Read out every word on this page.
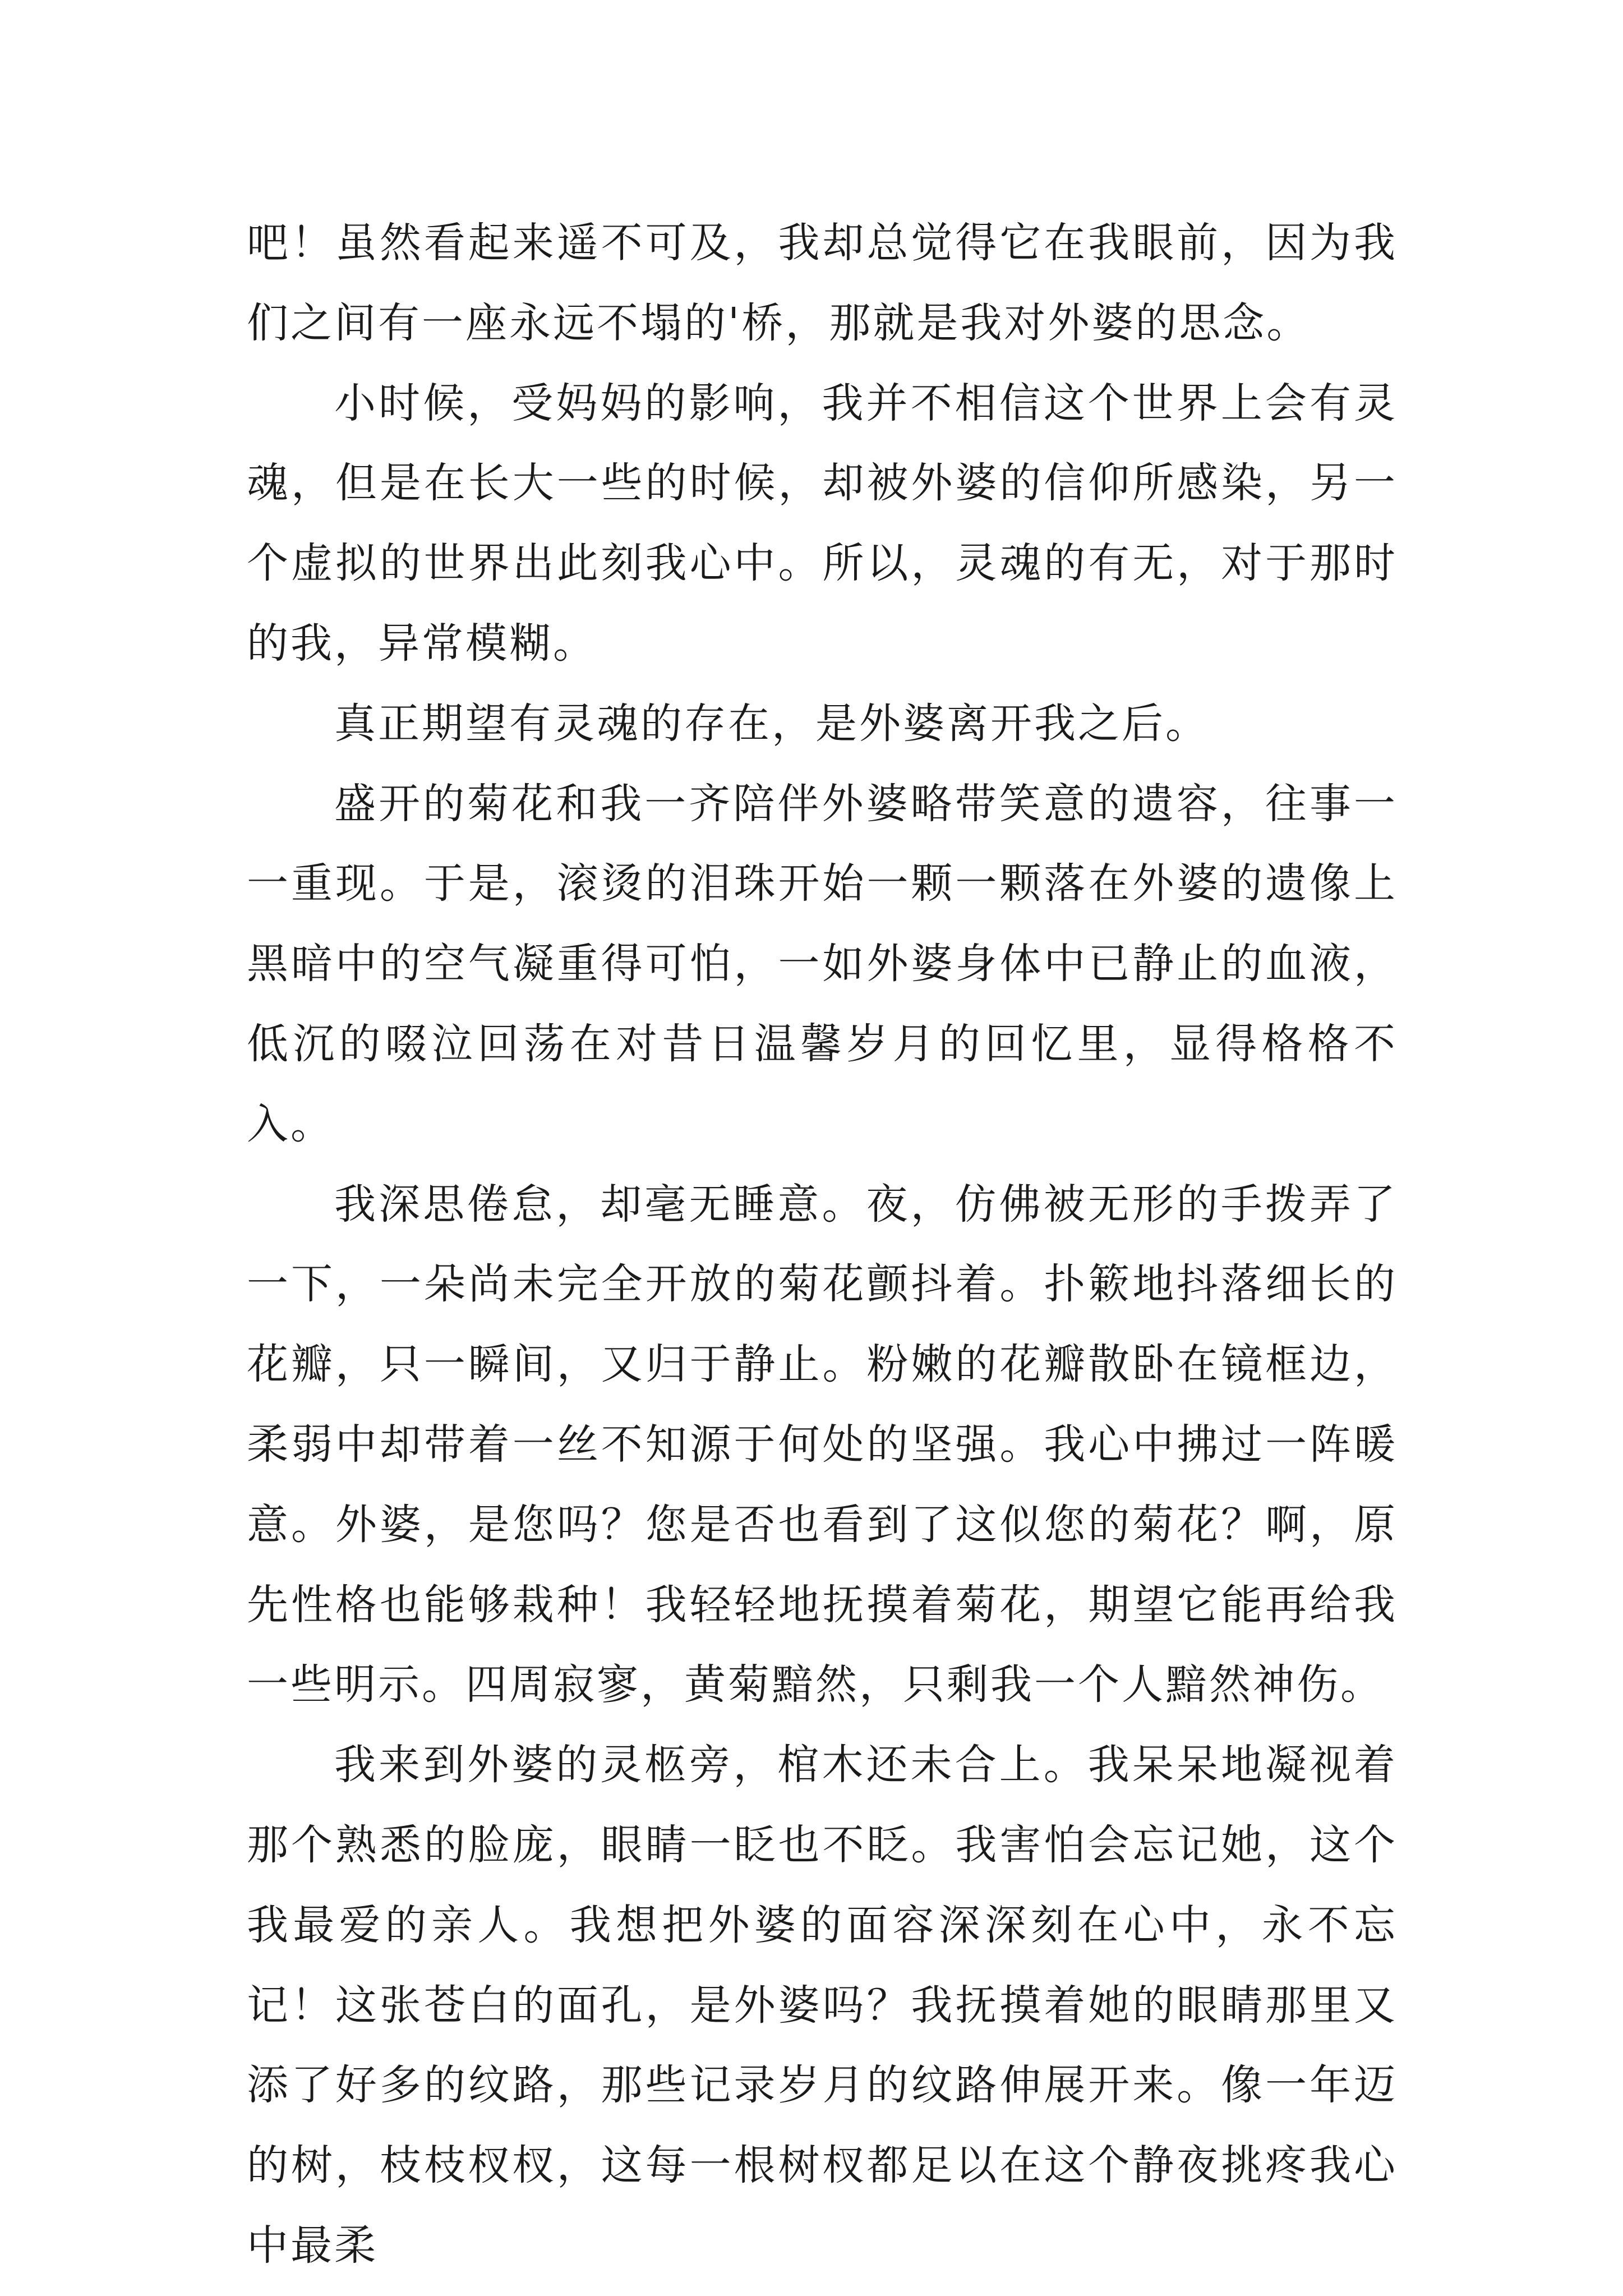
吧！虽然看起来遥不可及，我却总觉得它在我眼前，因为我们之间有一座永远不塌的'桥，那就是我对外婆的思念。

小时候，受妈妈的影响，我并不相信这个世界上会有灵魂，但是在长大一些的时候，却被外婆的信仰所感染，另一个虚拟的世界出此刻我心中。所以，灵魂的有无，对于那时的我，异常模糊。

真正期望有灵魂的存在，是外婆离开我之后。

盛开的菊花和我一齐陪伴外婆略带笑意的遗容，往事一一重现。于是，滚烫的泪珠开始一颗一颗落在外婆的遗像上黑暗中的空气凝重得可怕，一如外婆身体中已静止的血液，低沉的啜泣回荡在对昔日温馨岁月的回忆里，显得格格不入。

我深思倦怠，却毫无睡意。夜，仿佛被无形的手拨弄了一下，一朵尚未完全开放的菊花颤抖着。扑簌地抖落细长的花瓣，只一瞬间，又归于静止。粉嫩的花瓣散卧在镜框边，柔弱中却带着一丝不知源于何处的坚强。我心中拂过一阵暖意。外婆，是您吗？您是否也看到了这似您的菊花？啊，原先性格也能够栽种！我轻轻地抚摸着菊花，期望它能再给我一些明示。四周寂寥，黄菊黯然，只剩我一个人黯然神伤。

我来到外婆的灵柩旁，棺木还未合上。我呆呆地凝视着那个熟悉的脸庞，眼睛一眨也不眨。我害怕会忘记她，这个我最爱的亲人。我想把外婆的面容深深刻在心中，永不忘记！这张苍白的面孔，是外婆吗？我抚摸着她的眼睛那里又添了好多的纹路，那些记录岁月的纹路伸展开来。像一年迈的树，枝枝杈杈，这每一根树杈都足以在这个静夜挑疼我心中最柔
